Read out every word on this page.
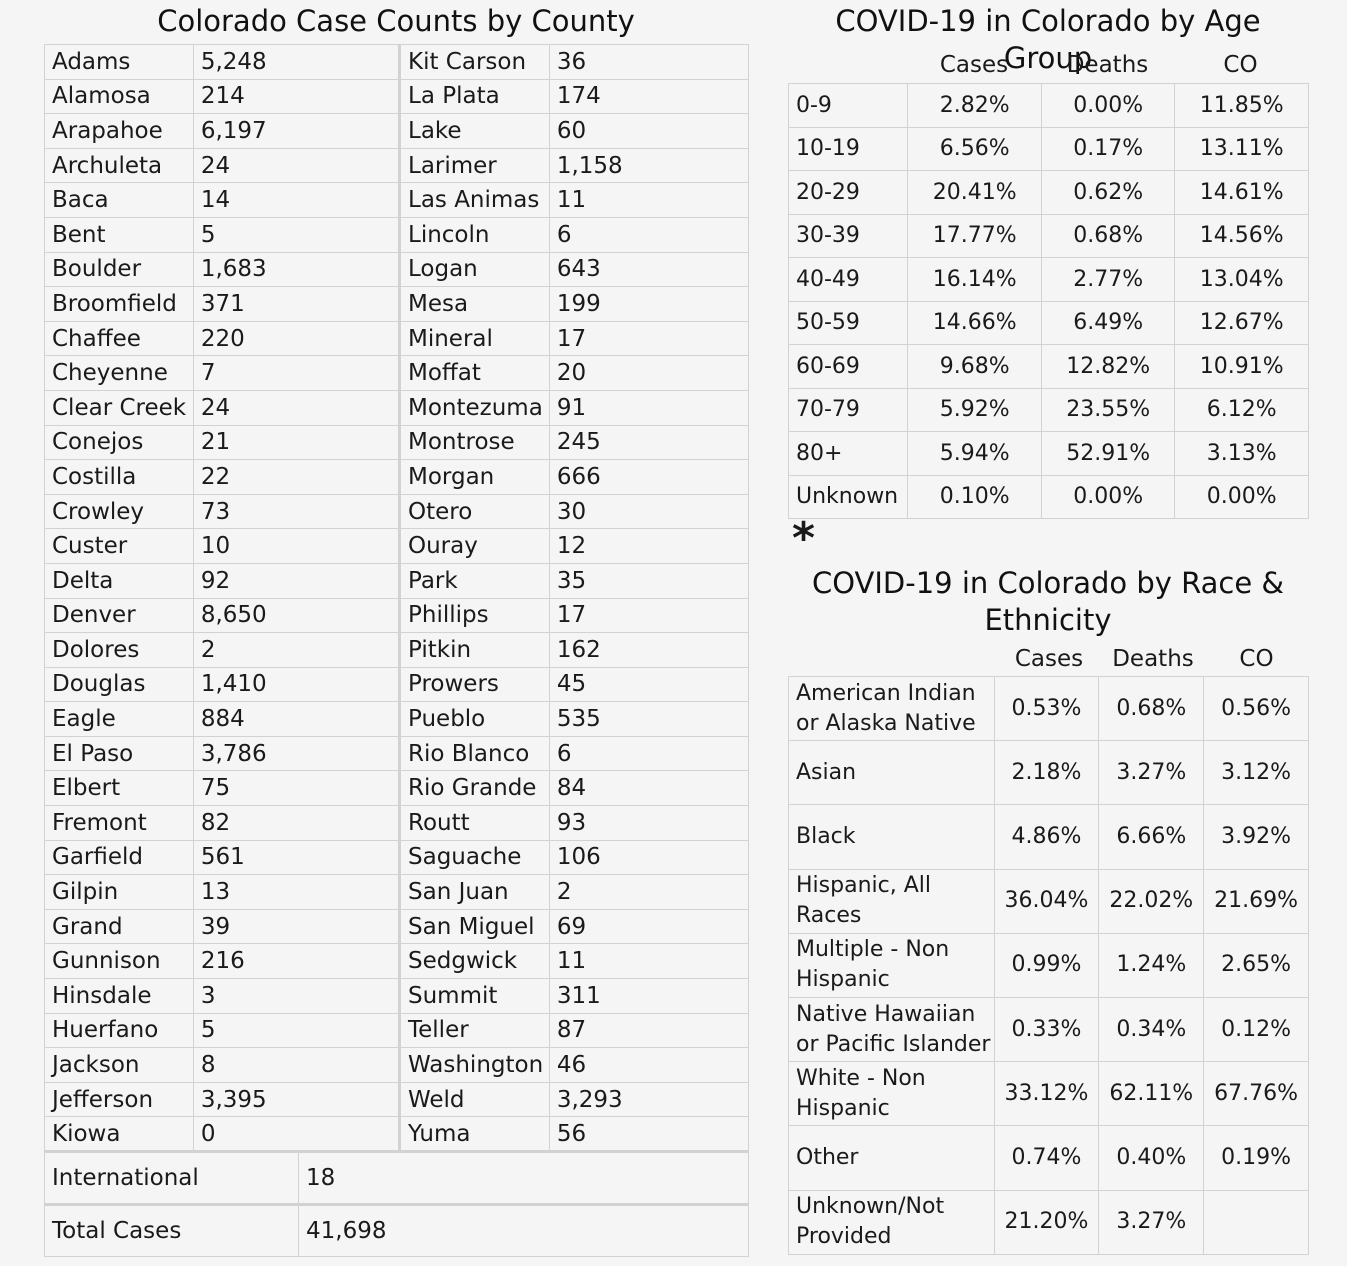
Colorado Case Counts by County
Adams	5,248	Kit Carson	36
Alamosa	214	La Plata	174
Arapahoe	6,197	Lake	60
Archuleta	24	Larimer	1,158
Baca	14	Las Animas	11
Bent	5	Lincoln	6
Boulder	1,683	Logan	643
Broomfield	371	Mesa	199
Chaffee	220	Mineral	17
Cheyenne	7	Moffat	20
Clear Creek	24	Montezuma	91
Conejos	21	Montrose	245
Costilla	22	Morgan	666
Crowley	73	Otero	30
Custer	10	Ouray	12
Delta	92	Park	35
Denver	8,650	Phillips	17
Dolores	2	Pitkin	162
Douglas	1,410	Prowers	45
Eagle	884	Pueblo	535
El Paso	3,786	Rio Blanco	6
Elbert	75	Rio Grande	84
Fremont	82	Routt	93
Garfield	561	Saguache	106
Gilpin	13	San Juan	2
Grand	39	San Miguel	69
Gunnison	216	Sedgwick	11
Hinsdale	3	Summit	311
Huerfano	5	Teller	87
Jackson	8	Washington	46
Jefferson	3,395	Weld	3,293
Kiowa	0	Yuma	56
International	18
Total Cases	41,698
COVID-19 in Colorado by Age Group
Cases	Deaths	CO
0-9	2.82%	0.00%	11.85%
10-19	6.56%	0.17%	13.11%
20-29	20.41%	0.62%	14.61%
30-39	17.77%	0.68%	14.56%
40-49	16.14%	2.77%	13.04%
50-59	14.66%	6.49%	12.67%
60-69	9.68%	12.82%	10.91%
70-79	5.92%	23.55%	6.12%
80+	5.94%	52.91%	3.13%
Unknown	0.10%	0.00%	0.00%
*
COVID-19 in Colorado by Race & Ethnicity
Cases	Deaths	CO
American Indian or Alaska Native	0.53%	0.68%	0.56%
Asian	2.18%	3.27%	3.12%
Black	4.86%	6.66%	3.92%
Hispanic, All Races	36.04%	22.02%	21.69%
Multiple - Non Hispanic	0.99%	1.24%	2.65%
Native Hawaiian or Pacific Islander	0.33%	0.34%	0.12%
White - Non Hispanic	33.12%	62.11%	67.76%
Other	0.74%	0.40%	0.19%
Unknown/Not Provided	21.20%	3.27%	
